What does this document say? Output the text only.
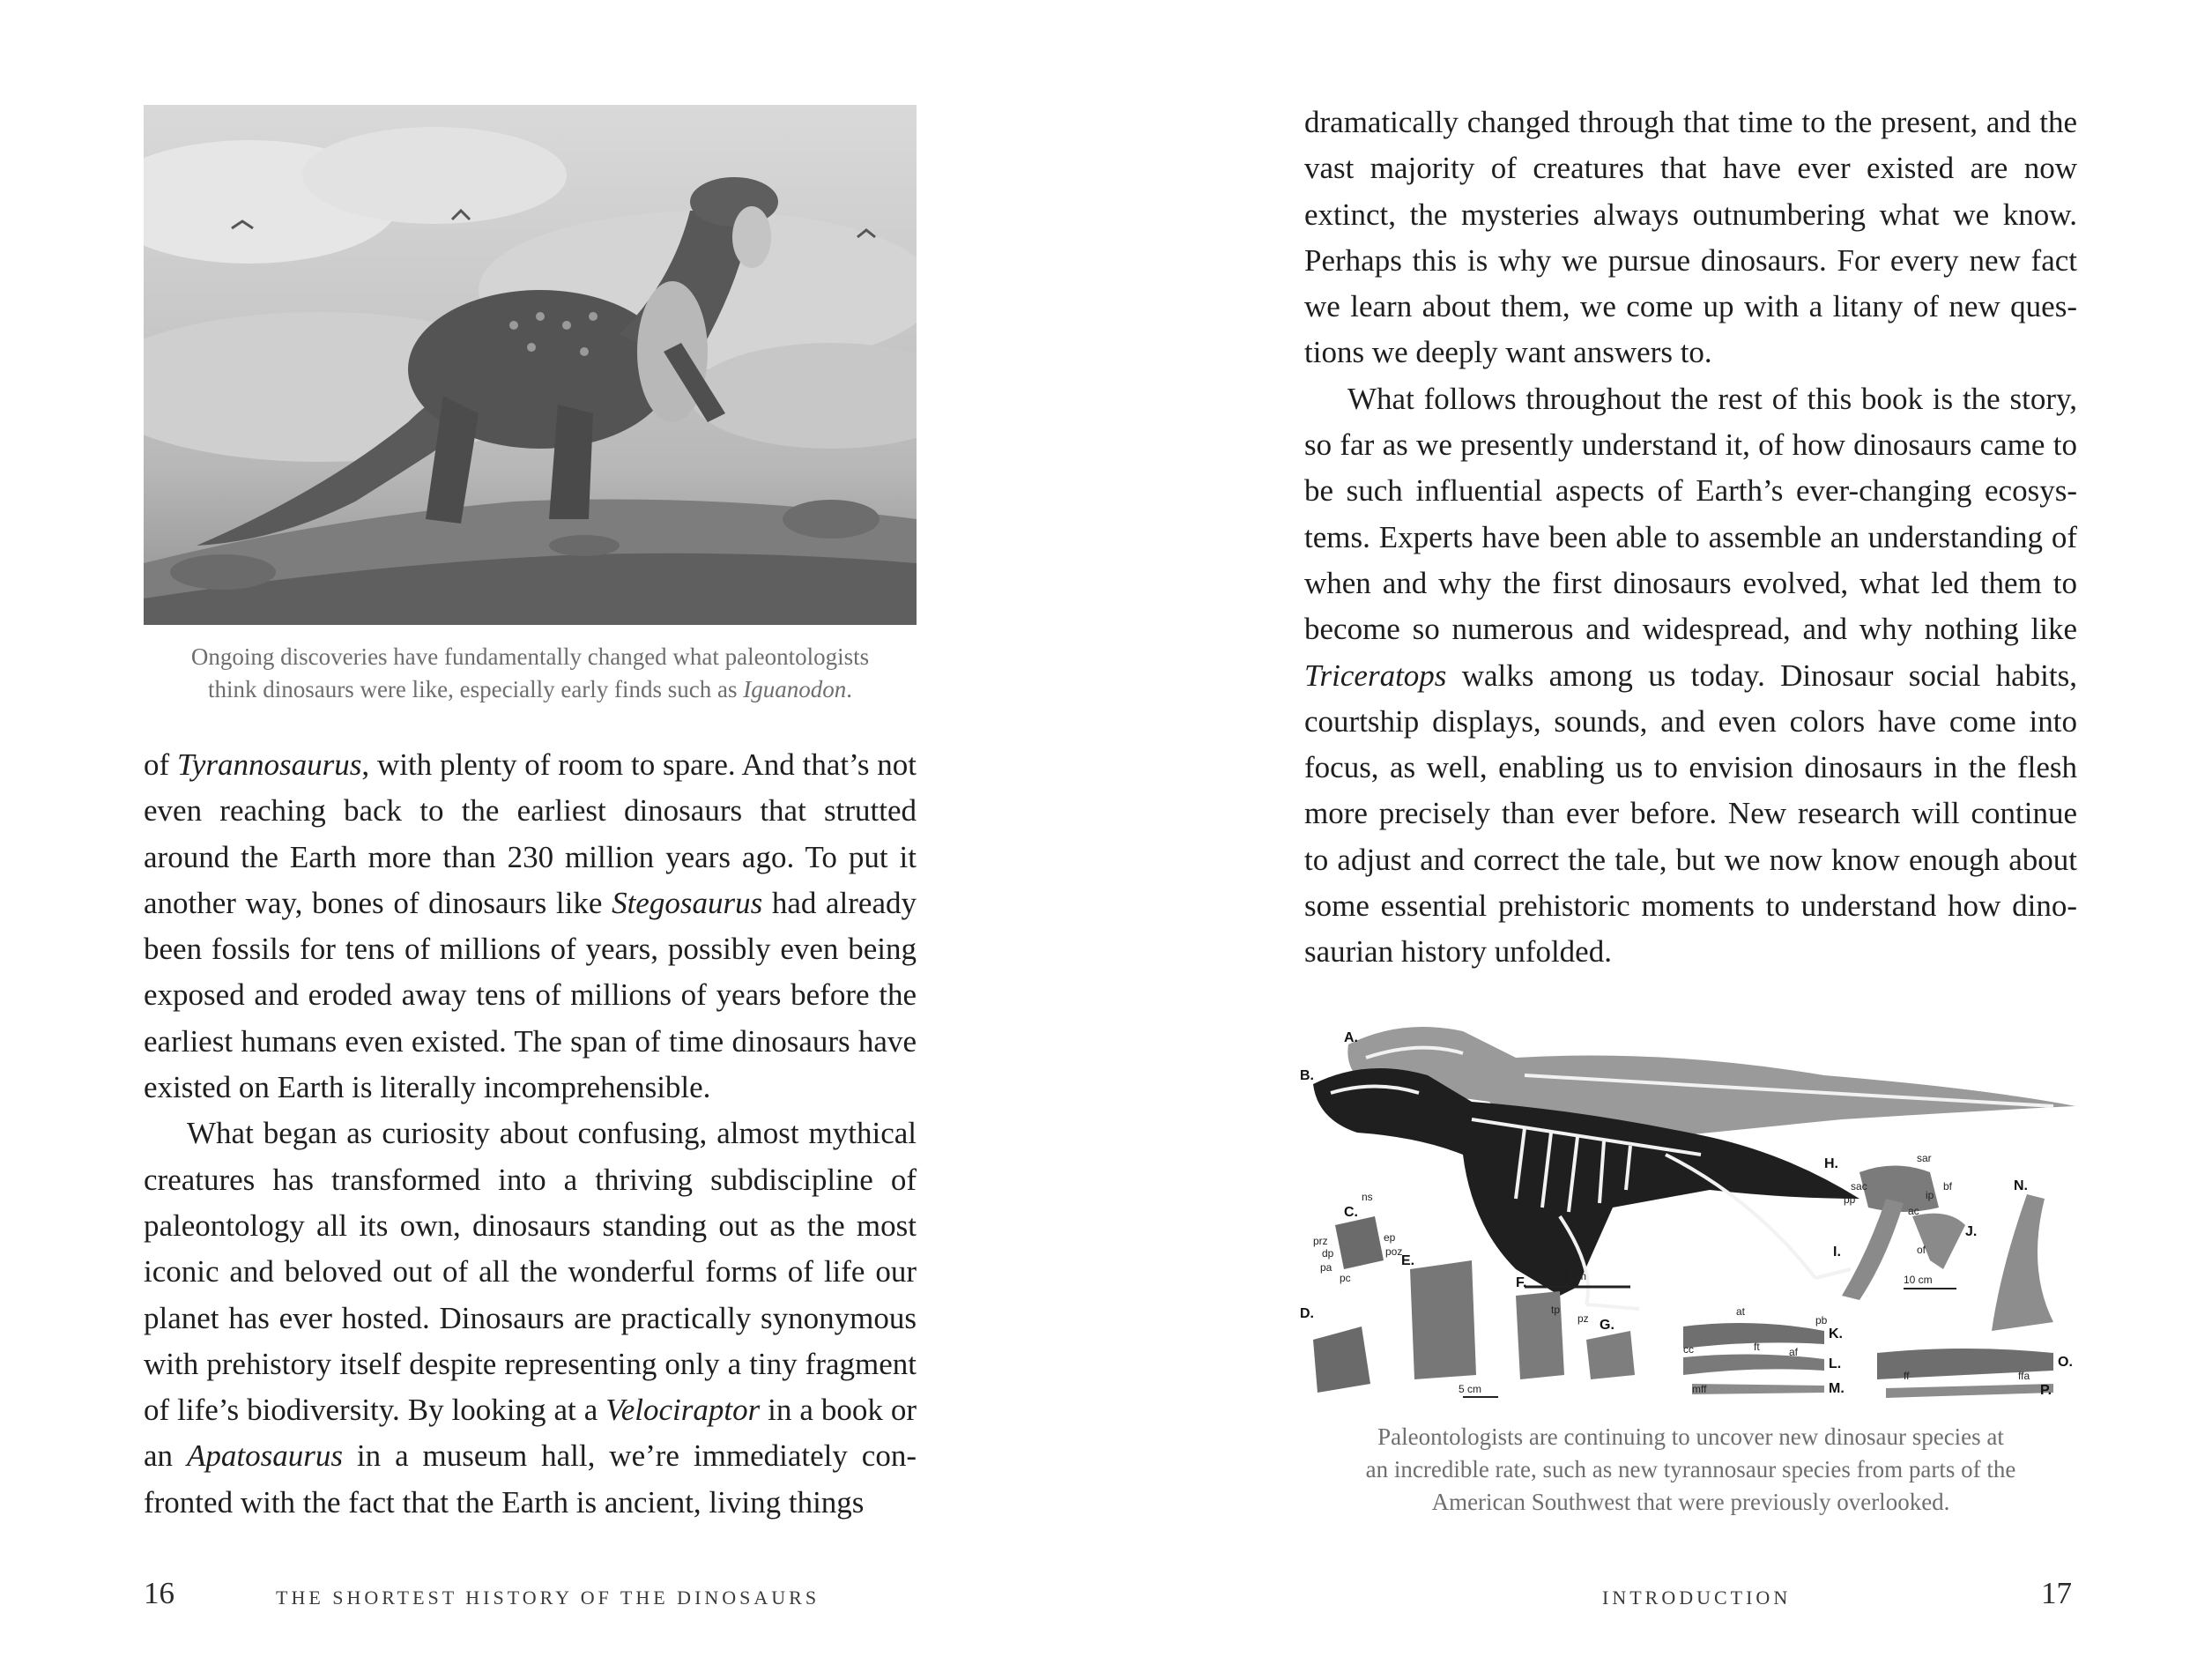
Ongoing discoveries have fundamentally changed what paleontologists
think dinosaurs were like, especially early finds such as Iguanodon.

of Tyrannosaurus, with plenty of room to spare. And that’s not even reaching back to the earliest dinosaurs that strutted around the Earth more than 230 million years ago. To put it another way, bones of dinosaurs like Stegosaurus had already been fossils for tens of millions of years, possibly even being exposed and eroded away tens of millions of years before the earliest humans even existed. The span of time dinosaurs have existed on Earth is literally incomprehensible.

What began as curiosity about confusing, almost mythical creatures has transformed into a thriving subdiscipline of paleontology all its own, dinosaurs standing out as the most iconic and beloved out of all the wonderful forms of life our planet has ever hosted. Dinosaurs are practically synonymous with prehistory itself despite representing only a tiny fragment of life’s biodiversity. By looking at a Velociraptor in a book or an Apatosaurus in a museum hall, we’re immediately confronted with the fact that the Earth is ancient, living things

16	THE SHORTEST HISTORY OF THE DINOSAURS

dramatically changed through that time to the present, and the vast majority of creatures that have ever existed are now extinct, the mysteries always outnumbering what we know. Perhaps this is why we pursue dinosaurs. For every new fact we learn about them, we come up with a litany of new questions we deeply want answers to.

What follows throughout the rest of this book is the story, so far as we presently understand it, of how dinosaurs came to be such influential aspects of Earth’s ever-changing ecosystems. Experts have been able to assemble an understanding of when and why the first dinosaurs evolved, what led them to become so numerous and widespread, and why nothing like Triceratops walks among us today. Dinosaur social habits, courtship displays, sounds, and even colors have come into focus, as well, enabling us to envision dinosaurs in the flesh more precisely than ever before. New research will continue to adjust and correct the tale, but we now know enough about some essential prehistoric moments to understand how dinosaurian history unfolded.

A.
B.
C.
D.
E.
F.
G.
H.
I.
J.
K.
L.
M.
N.
O.
P.
1 m	10 cm
5 cm
ns
ep
prz
poz
dp
pa
pc
tp
pz
sac
sar
bf
pp	ip
ac
of
at
pb
cc	ft	af
mff
ff	ffa
Paleontologists are continuing to uncover new dinosaur species at
an incredible rate, such as new tyrannosaur species from parts of the
American Southwest that were previously overlooked.
INTRODUCTION	17
